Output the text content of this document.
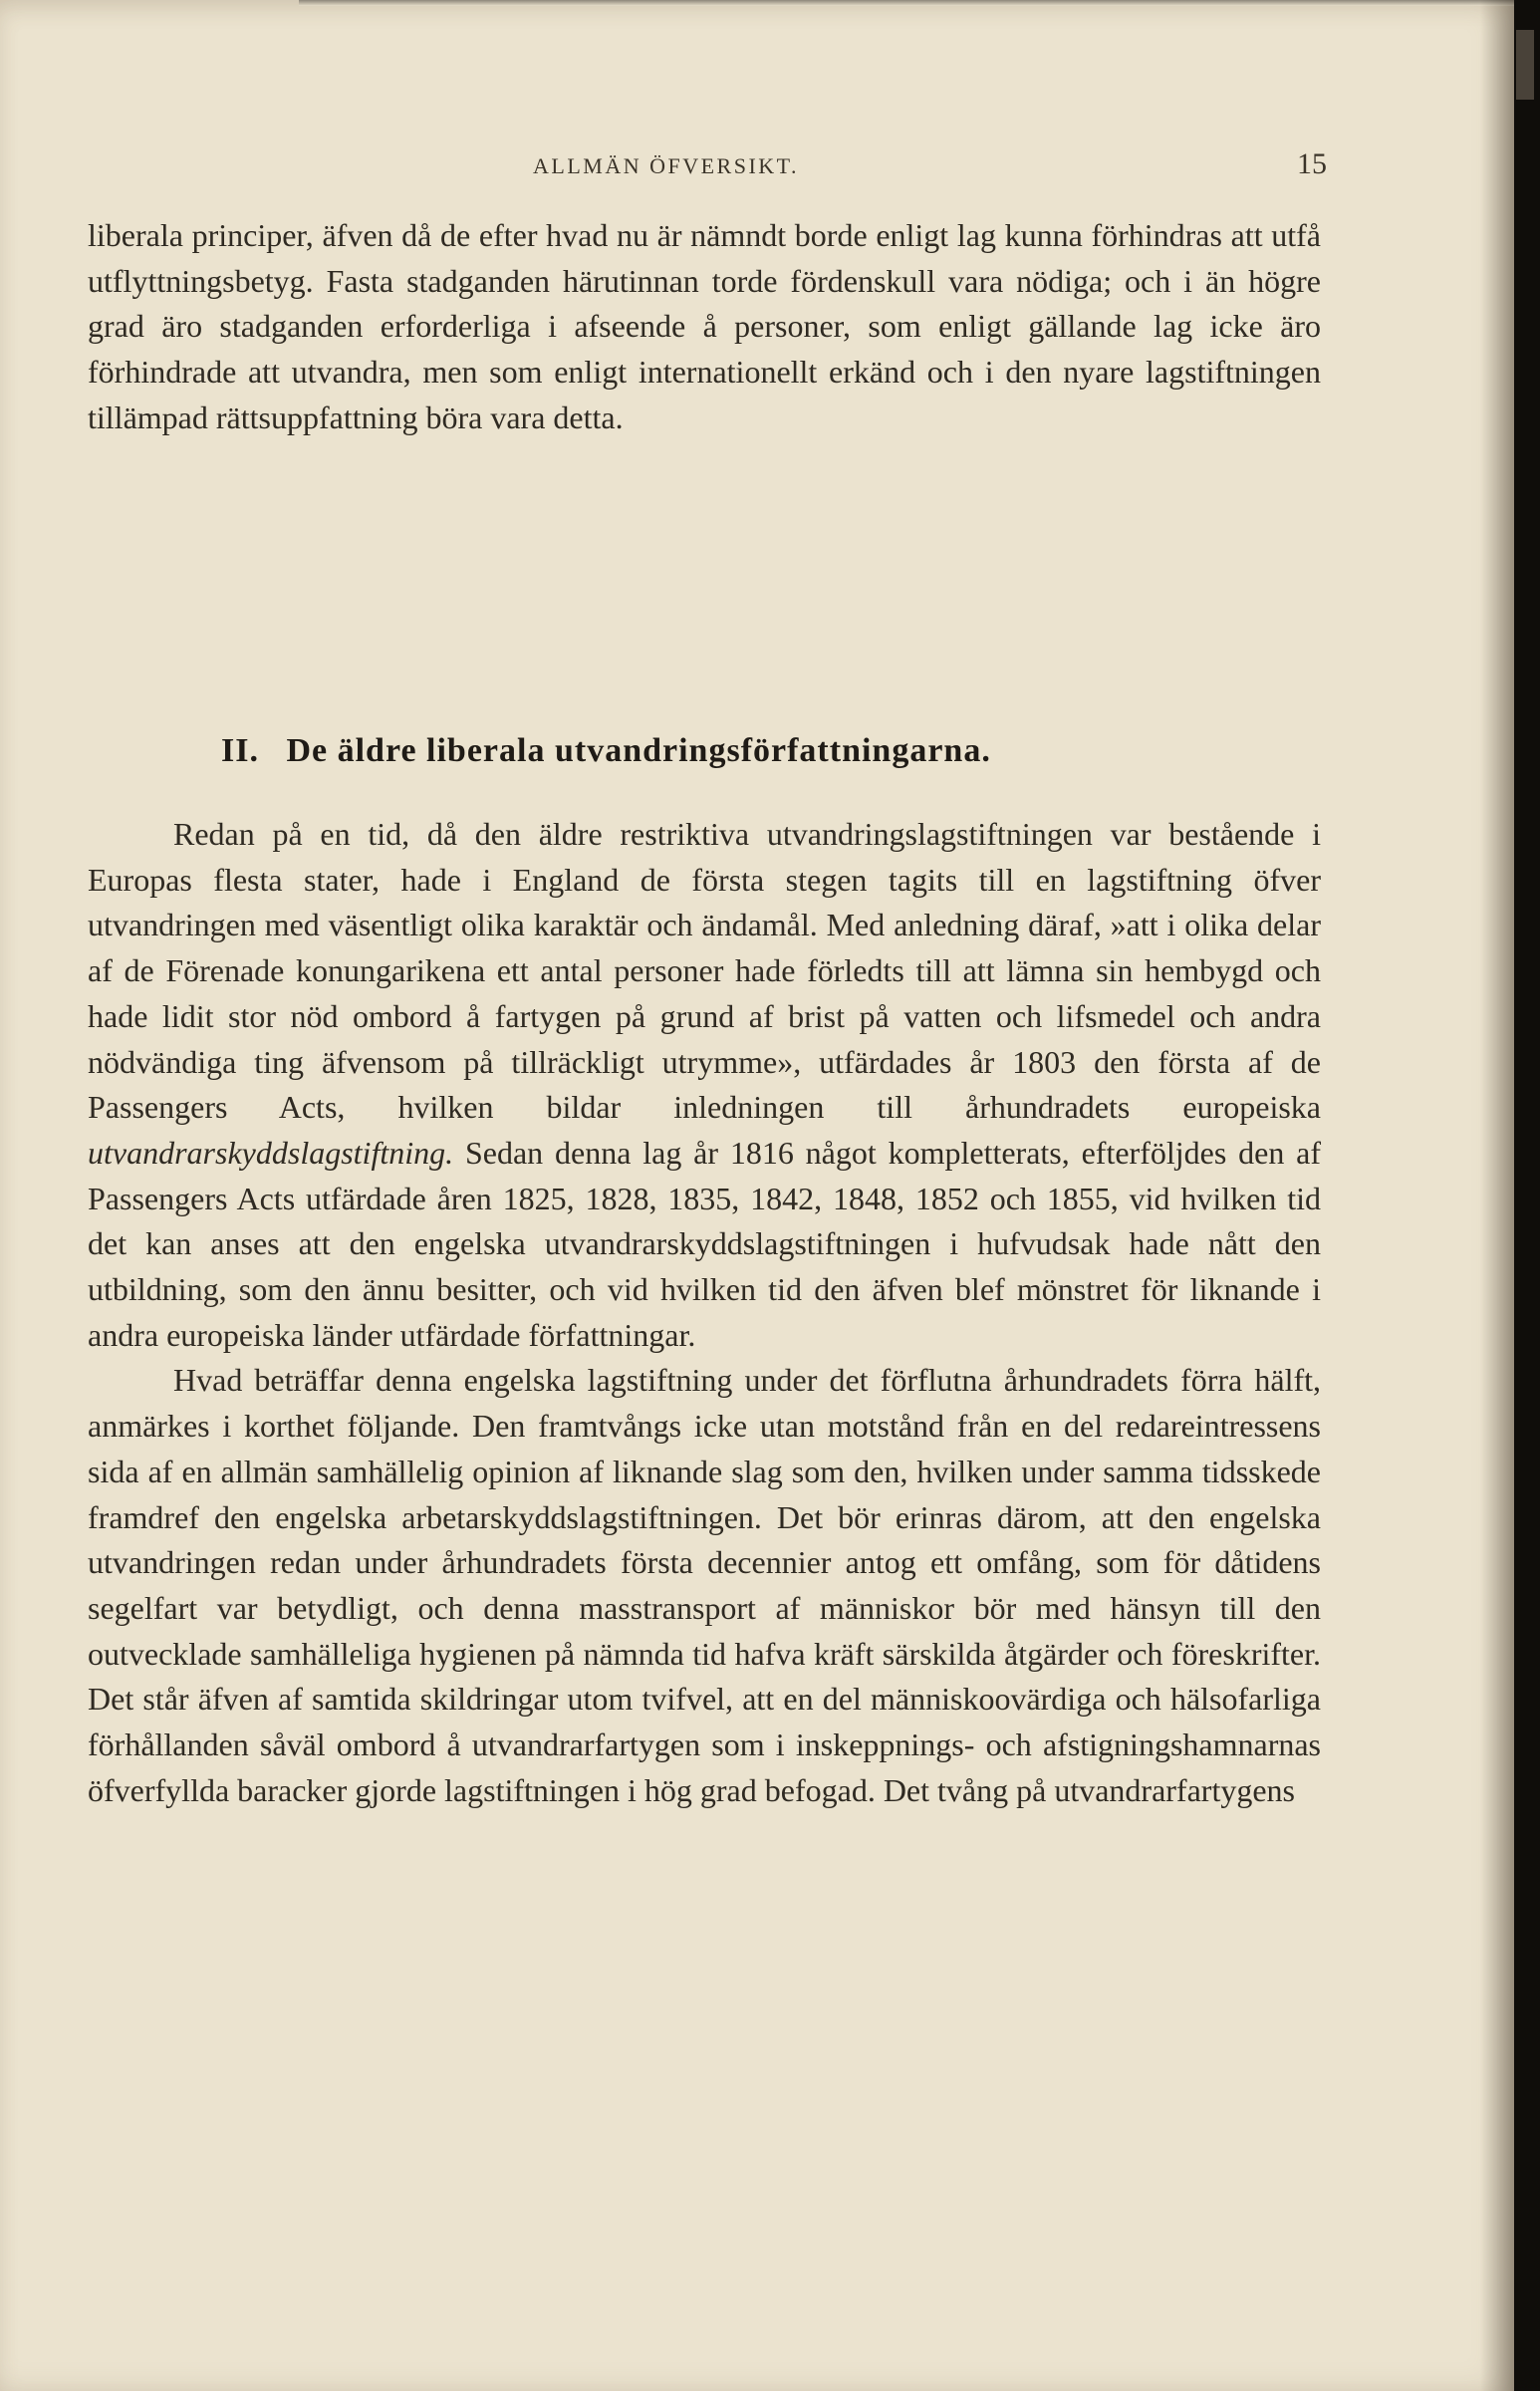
ALLMÄN ÖFVERSIKT.	15

liberala principer, äfven då de efter hvad nu är nämndt borde enligt lag kunna förhindras att utfå utflyttningsbetyg. Fasta stadganden härutinnan torde fördenskull vara nödiga; och i än högre grad äro stadganden erforderliga i afseende å personer, som enligt gällande lag icke äro förhindrade att utvandra, men som enligt internationellt erkänd och i den nyare lagstiftningen tillämpad rättsuppfattning böra vara detta.

II. De äldre liberala utvandringsförfattningarna.

Redan på en tid, då den äldre restriktiva utvandringslagstiftningen var bestående i Europas flesta stater, hade i England de första stegen tagits till en lagstiftning öfver utvandringen med väsentligt olika karaktär och ändamål. Med anledning däraf, »att i olika delar af de Förenade konungarikena ett antal personer hade förledts till att lämna sin hembygd och hade lidit stor nöd ombord å fartygen på grund af brist på vatten och lifsmedel och andra nödvändiga ting äfvensom på tillräckligt utrymme», utfärdades år 1803 den första af de Passengers Acts, hvilken bildar inledningen till århundradets europeiska utvandrarskyddslagstiftning. Sedan denna lag år 1816 något kompletterats, efterföljdes den af Passengers Acts utfärdade åren 1825, 1828, 1835, 1842, 1848, 1852 och 1855, vid hvilken tid det kan anses att den engelska utvandrarskyddslagstiftningen i hufvudsak hade nått den utbildning, som den ännu besitter, och vid hvilken tid den äfven blef mönstret för liknande i andra europeiska länder utfärdade författningar.

Hvad beträffar denna engelska lagstiftning under det förflutna århundradets förra hälft, anmärkes i korthet följande. Den framtvångs icke utan motstånd från en del redareintressens sida af en allmän samhällelig opinion af liknande slag som den, hvilken under samma tidsskede framdref den engelska arbetarskyddslagstiftningen. Det bör erinras därom, att den engelska utvandringen redan under århundradets första decennier antog ett omfång, som för dåtidens segelfart var betydligt, och denna masstransport af människor bör med hänsyn till den outvecklade samhälleliga hygienen på nämnda tid hafva kräft särskilda åtgärder och föreskrifter. Det står äfven af samtida skildringar utom tvifvel, att en del människoovärdiga och hälsofarliga förhållanden såväl ombord å utvandrarfartygen som i inskeppnings- och afstigningshamnarnas öfverfyllda baracker gjorde lagstiftningen i hög grad befogad. Det tvång på utvandrarfartygens
